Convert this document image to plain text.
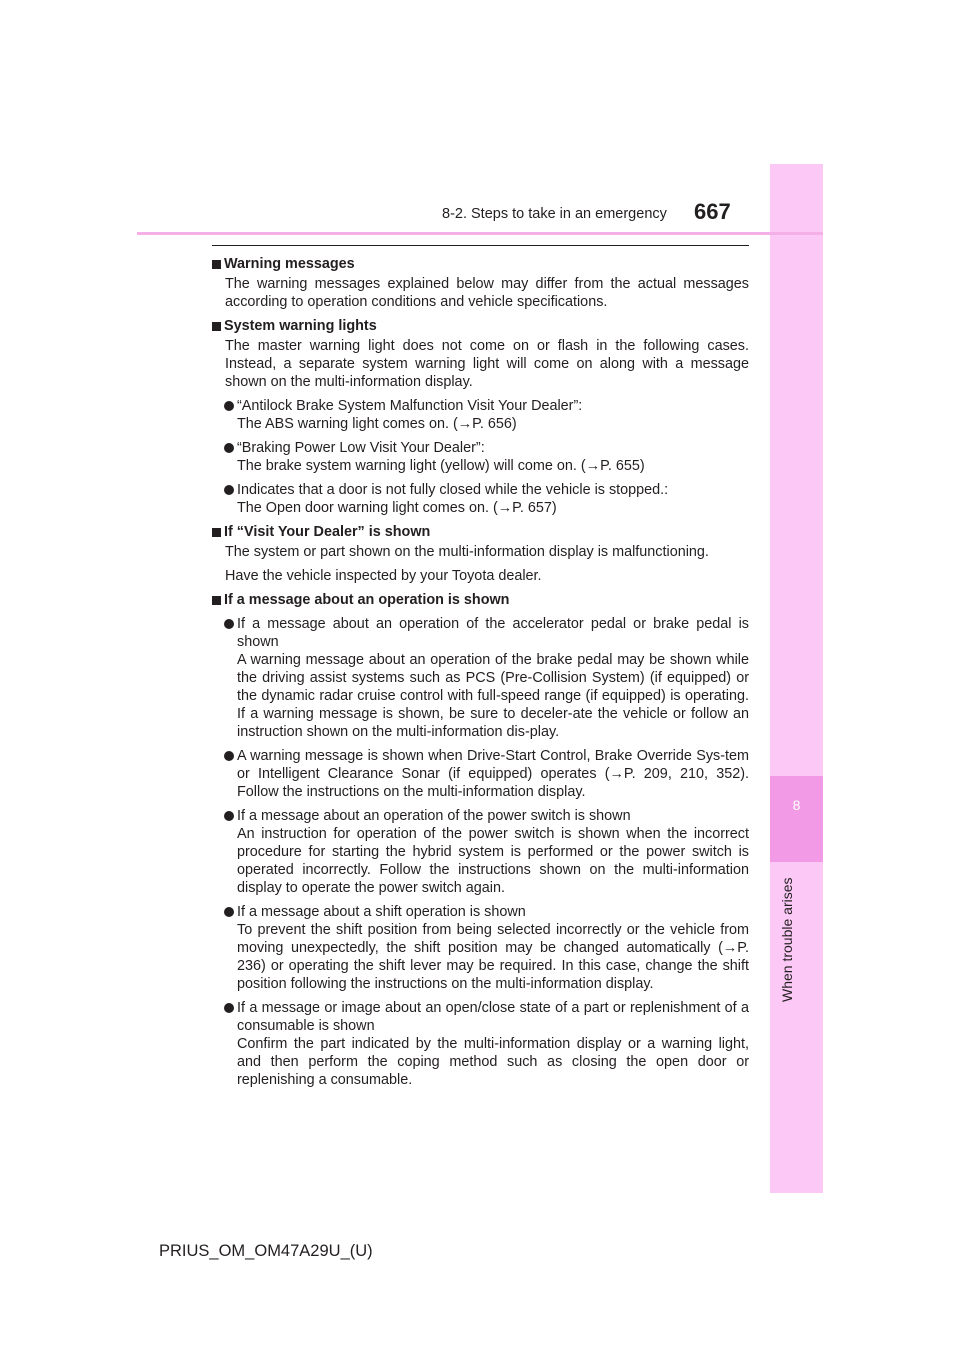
8
When trouble arises
8-2. Steps to take in an emergency 667
Warning messages
The warning messages explained below may differ from the actual messages according to operation conditions and vehicle specifications.
System warning lights
The master warning light does not come on or flash in the following cases. Instead, a separate system warning light will come on along with a message shown on the multi-information display.
“Antilock Brake System Malfunction Visit Your Dealer”:
The ABS warning light comes on. (→P. 656)
“Braking Power Low Visit Your Dealer”:
The brake system warning light (yellow) will come on. (→P. 655)
Indicates that a door is not fully closed while the vehicle is stopped.:
The Open door warning light comes on. (→P. 657)
If “Visit Your Dealer” is shown
The system or part shown on the multi-information display is malfunctioning.
Have the vehicle inspected by your Toyota dealer.
If a message about an operation is shown
If a message about an operation of the accelerator pedal or brake pedal is shown
A warning message about an operation of the brake pedal may be shown while the driving assist systems such as PCS (Pre-Collision System) (if equipped) or the dynamic radar cruise control with full-speed range (if equipped) is operating. If a warning message is shown, be sure to deceler-ate the vehicle or follow an instruction shown on the multi-information dis-play.
A warning message is shown when Drive-Start Control, Brake Override Sys-tem or Intelligent Clearance Sonar (if equipped) operates (→P. 209, 210, 352). Follow the instructions on the multi-information display.
If a message about an operation of the power switch is shown
An instruction for operation of the power switch is shown when the incorrect procedure for starting the hybrid system is performed or the power switch is operated incorrectly. Follow the instructions shown on the multi-information display to operate the power switch again.
If a message about a shift operation is shown
To prevent the shift position from being selected incorrectly or the vehicle from moving unexpectedly, the shift position may be changed automatically (→P. 236) or operating the shift lever may be required. In this case, change the shift position following the instructions on the multi-information display.
If a message or image about an open/close state of a part or replenishment of a consumable is shown
Confirm the part indicated by the multi-information display or a warning light, and then perform the coping method such as closing the open door or replenishing a consumable.
PRIUS_OM_OM47A29U_(U)
